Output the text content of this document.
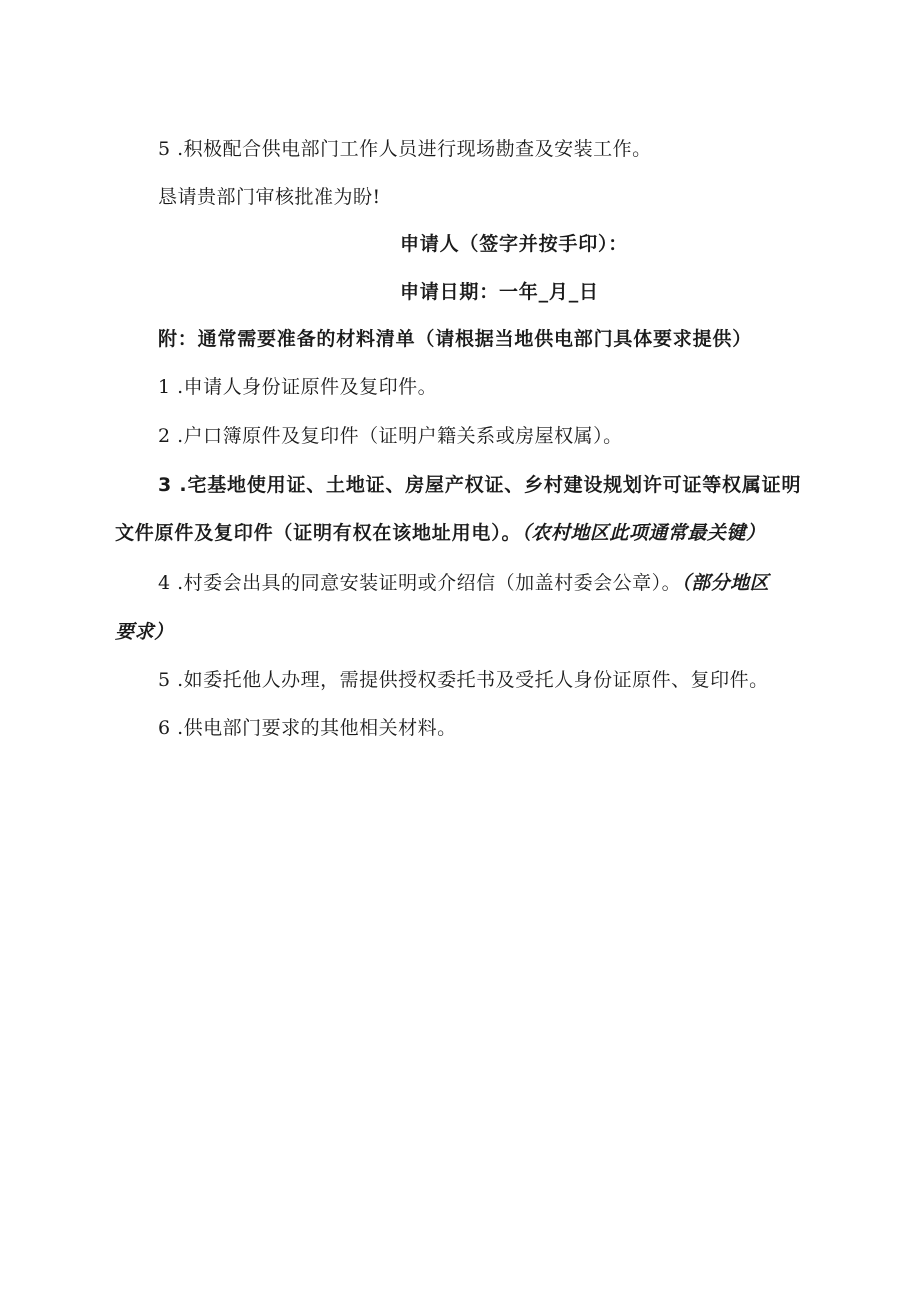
5 .积极配合供电部门工作人员进行现场勘查及安装工作。
恳请贵部门审核批准为盼!
申请人（签字并按手印）：
申请日期：一年_月_日
附：通常需要准备的材料清单（请根据当地供电部门具体要求提供）
1 .申请人身份证原件及复印件。
2 .户口簿原件及复印件（证明户籍关系或房屋权属）。
3 .宅基地使用证、土地证、房屋产权证、乡村建设规划许可证等权属证明
文件原件及复印件（证明有权在该地址用电）。（农村地区此项通常最关键）
4 .村委会出具的同意安装证明或介绍信（加盖村委会公章）。（部分地区
要求）
5 .如委托他人办理，需提供授权委托书及受托人身份证原件、复印件。
6 .供电部门要求的其他相关材料。
